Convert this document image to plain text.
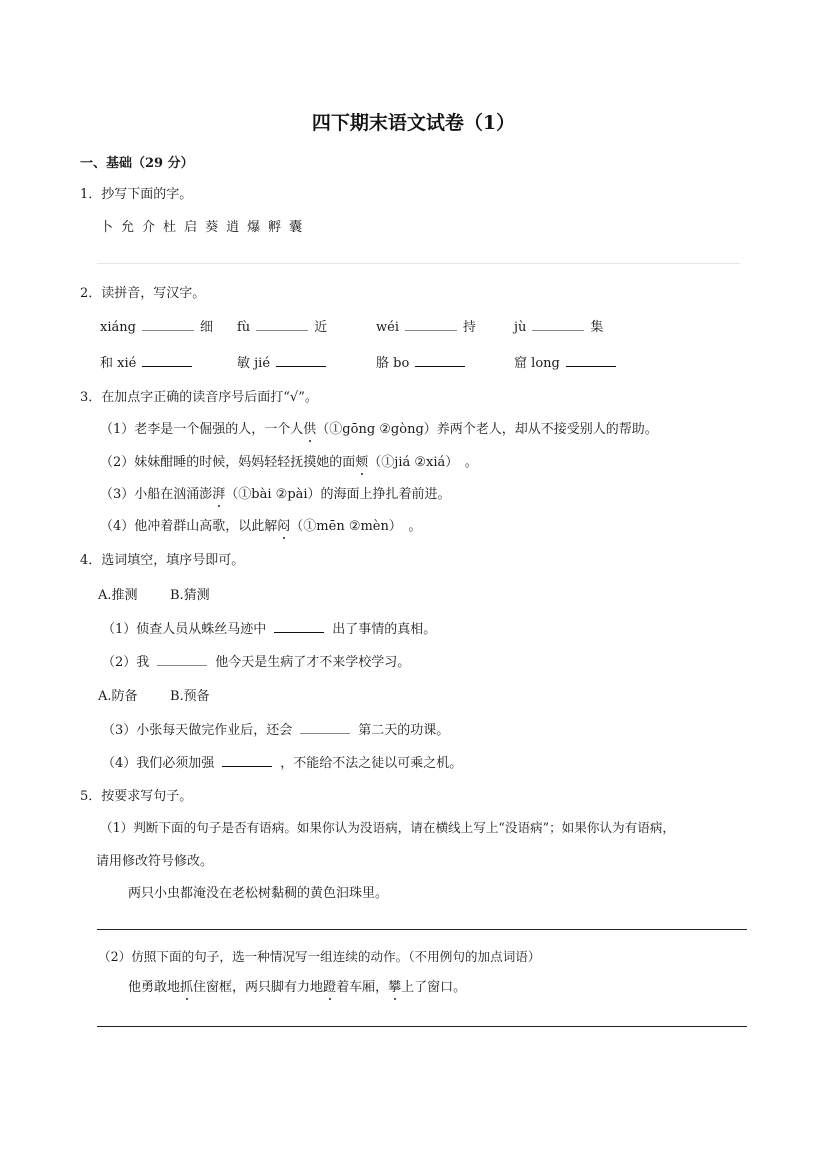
四下期末语文试卷（1）
一、基础（29 分）
1．抄写下面的字。
卜 允 介 杜 启 葵 逍 爆 孵 囊
2．读拼音，写汉字。
xiáng	细 fù	近	wéi	持	jù	集
和 xié	敏 jié	胳 bo	窟 long
3．在加点字正确的读音序号后面打“√”。
（1）老李是一个倔强的人，一个人供（①gōng ②gòng）养两个老人，却从不接受别人的帮助。
（2）妹妹酣睡的时候，妈妈轻轻抚摸她的面颊（①jiá ②xiá）　。
（3）小船在汹涌澎湃（①bài ②pài）的海面上挣扎着前进。
（4）他冲着群山高歌，以此解闷（①mēn ②mèn）　。
4．选词填空，填序号即可。
A.推测 B.猜测
（1）侦查人员从蛛丝马迹中	出了事情的真相。
（2）我	他今天是生病了才不来学校学习。
A.防备 B.预备
（3）小张每天做完作业后，还会	第二天的功课。
（4）我们必须加强	，不能给不法之徒以可乘之机。
5．按要求写句子。
（1）判断下面的句子是否有语病。如果你认为没语病，请在横线上写上“没语病”；如果你认为有语病，
请用修改符号修改。
两只小虫都淹没在老松树黏稠的黄色汩珠里。
（2）仿照下面的句子，选一种情况写一组连续的动作。（不用例句的加点词语）
他勇敢地抓住窗框，两只脚有力地蹬着车厢，攀上了窗口。
